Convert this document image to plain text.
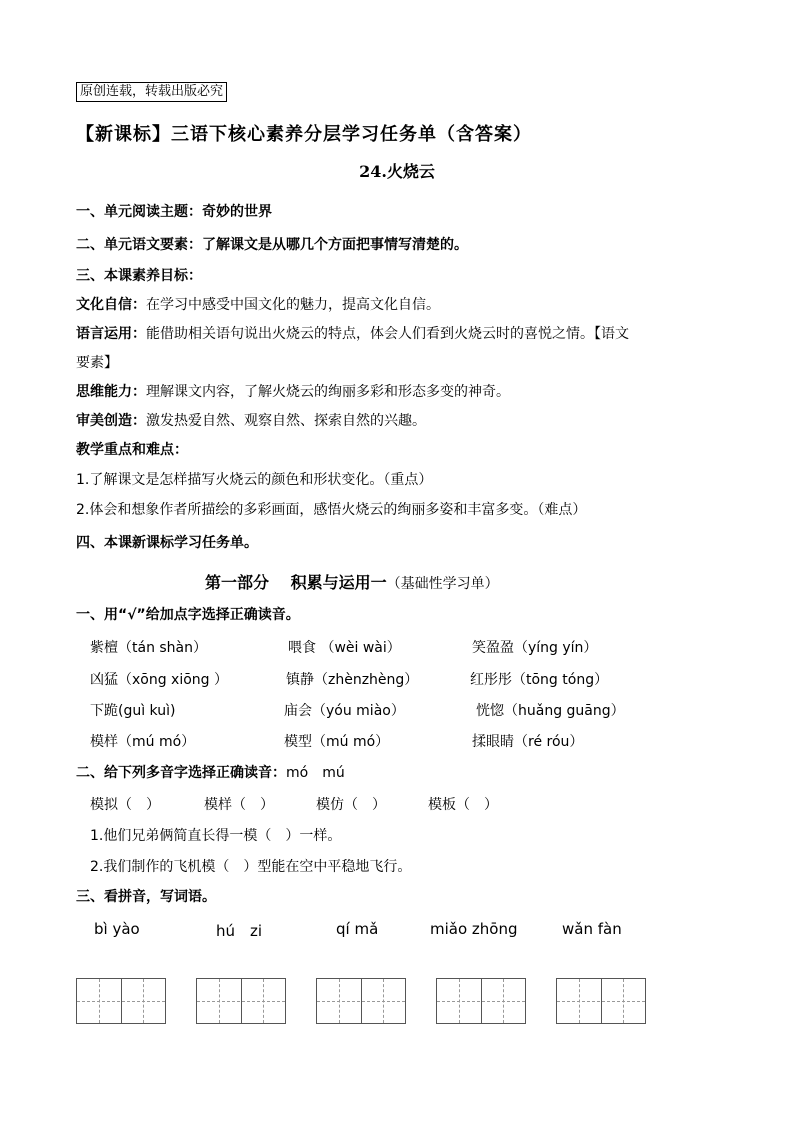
原创连载，转载出版必究
【新课标】三语下核心素养分层学习任务单（含答案）
24.火烧云
一、单元阅读主题：奇妙的世界
二、单元语文要素：了解课文是从哪几个方面把事情写清楚的。
三、本课素养目标：
文化自信：在学习中感受中国文化的魅力，提高文化自信。
语言运用：能借助相关语句说出火烧云的特点，体会人们看到火烧云时的喜悦之情。【语文
要素】
思维能力：理解课文内容，了解火烧云的绚丽多彩和形态多变的神奇。
审美创造：激发热爱自然、观察自然、探索自然的兴趣。
教学重点和难点：
1.了解课文是怎样描写火烧云的颜色和形状变化。（重点）
2.体会和想象作者所描绘的多彩画面，感悟火烧云的绚丽多姿和丰富多变。（难点）
四、本课新课标学习任务单。
第一部分　 积累与运用一（基础性学习单）
一、用“√”给加点字选择正确读音。
紫檀（tán shàn）	喂食 （wèi wài）	笑盈盈（yíng yín）
凶猛（xōng xiōng ）	镇静（zhènzhèng）	红彤彤（tōng tóng）
下跪(guì kuì)	庙会（yóu miào）	恍惚（huǎng guāng）
模样（mú mó）	模型（mú mó）	揉眼睛（ré róu）
二、给下列多音字选择正确读音：mó　mú
模拟（　）	模样（　）	模仿（　）	模板（　）
1.他们兄弟俩简直长得一模（　）一样。
2.我们制作的飞机模（　）型能在空中平稳地飞行。
三、看拼音，写词语。
bì yào	hú　zi	qí mǎ	miǎo zhōng	wǎn fàn
